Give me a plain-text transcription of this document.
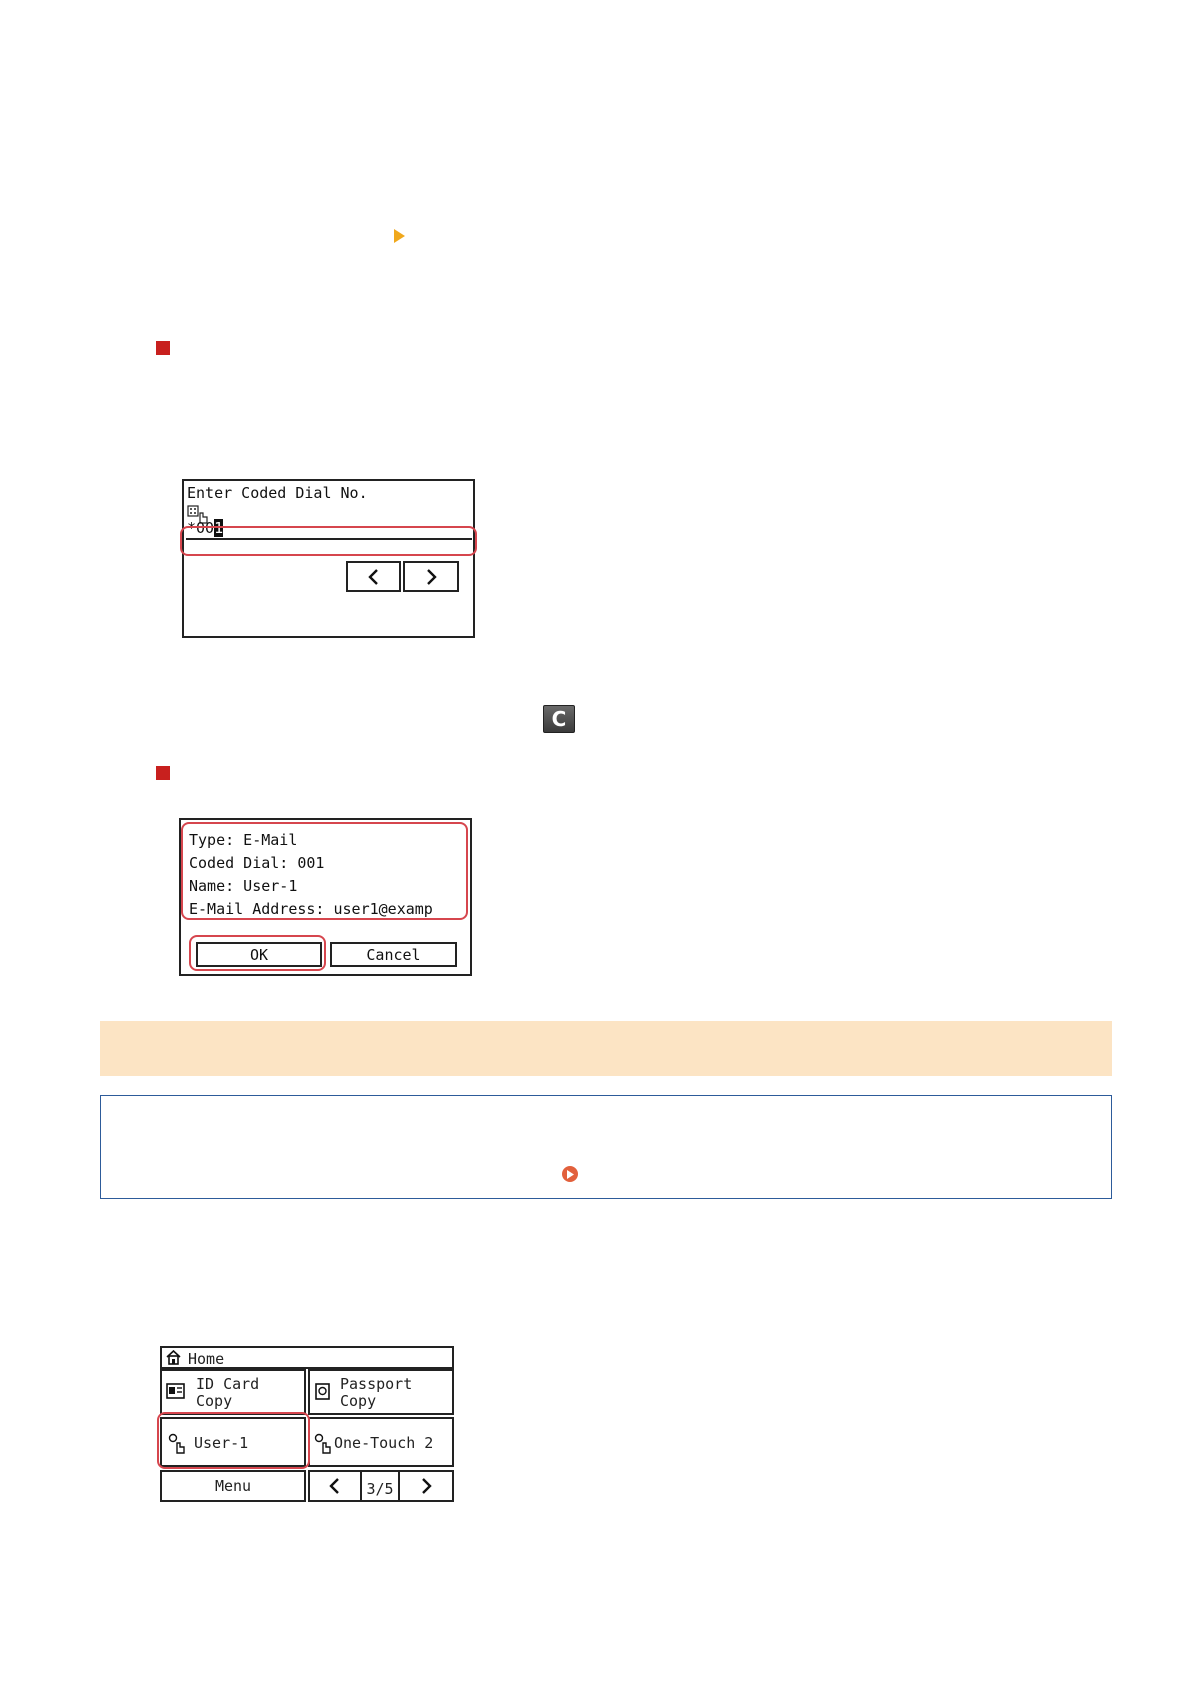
Enter Coded Dial No.
*001
C
Type: E-Mail
Coded Dial: 001
Name: User-1
E-Mail Address: user1@examp
OK	Cancel
Home
ID Card
Copy
Passport
Copy
User-1	One-Touch 2
Menu	3/5
